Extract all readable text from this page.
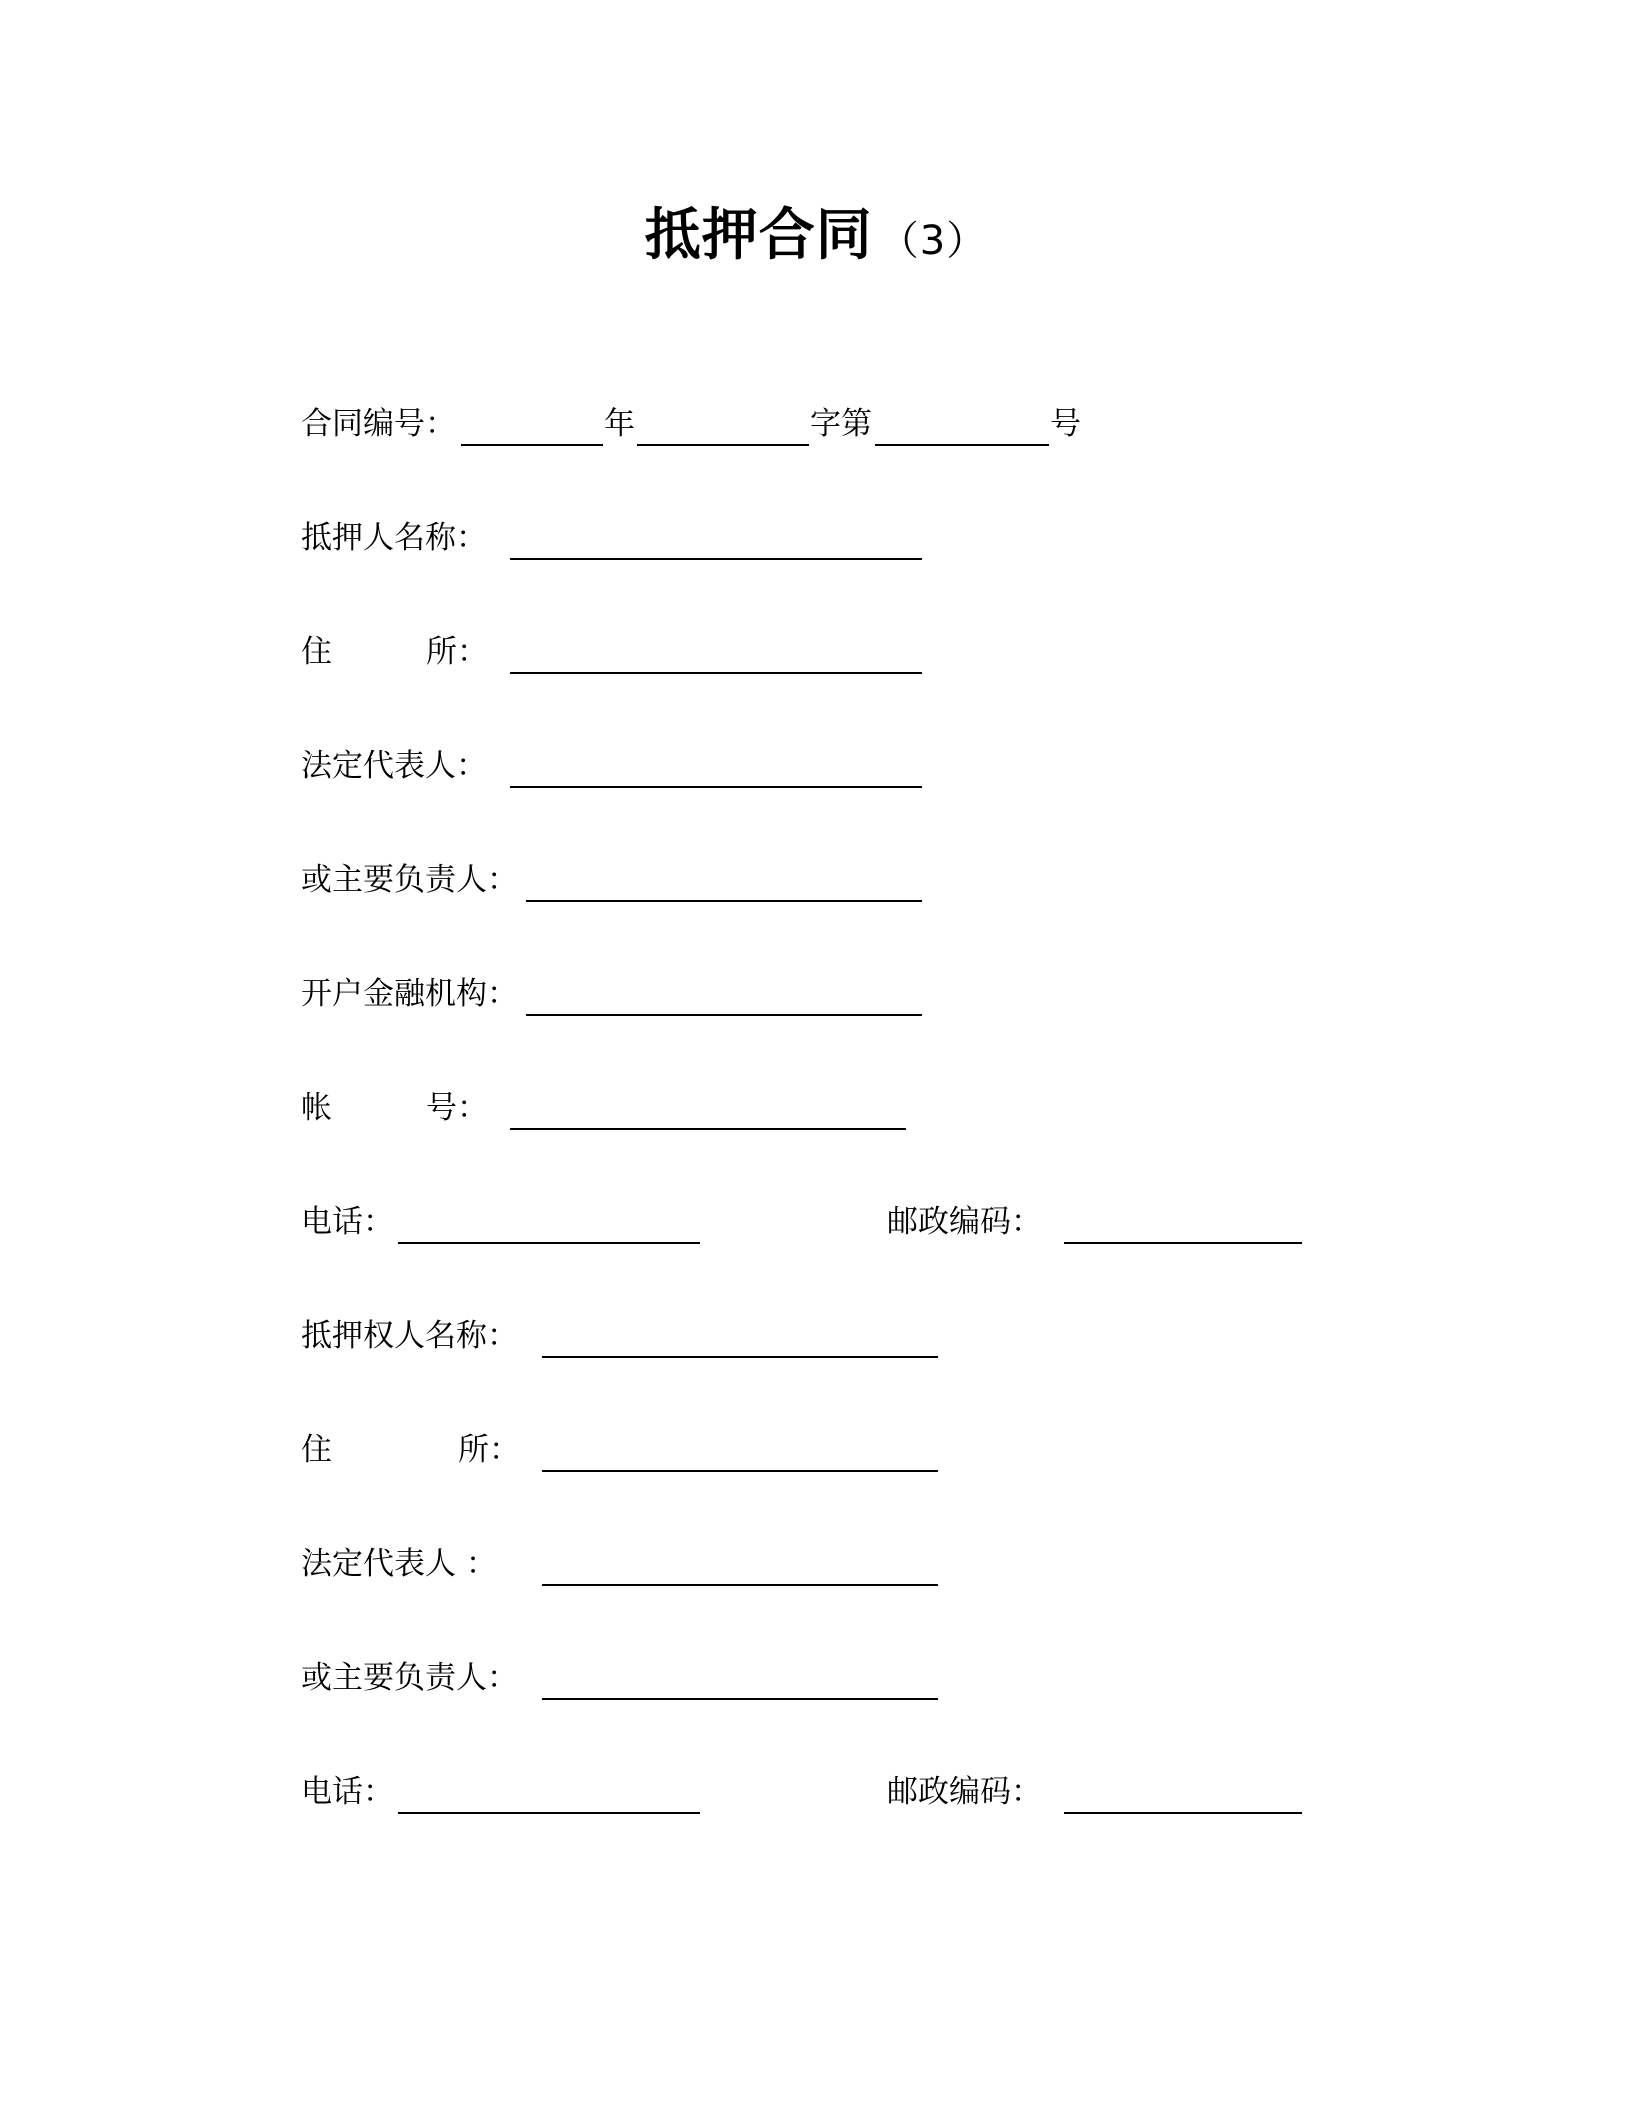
抵押合同 （3）
合同编号：	年	字第	号
抵押人名称：
住	所：
法定代表人：
或主要负责人：
开户金融机构：
帐	号：
电话：	邮政编码：
抵押权人名称：
住	所：
法定代表人 ：
或主要负责人：
电话：	邮政编码：
